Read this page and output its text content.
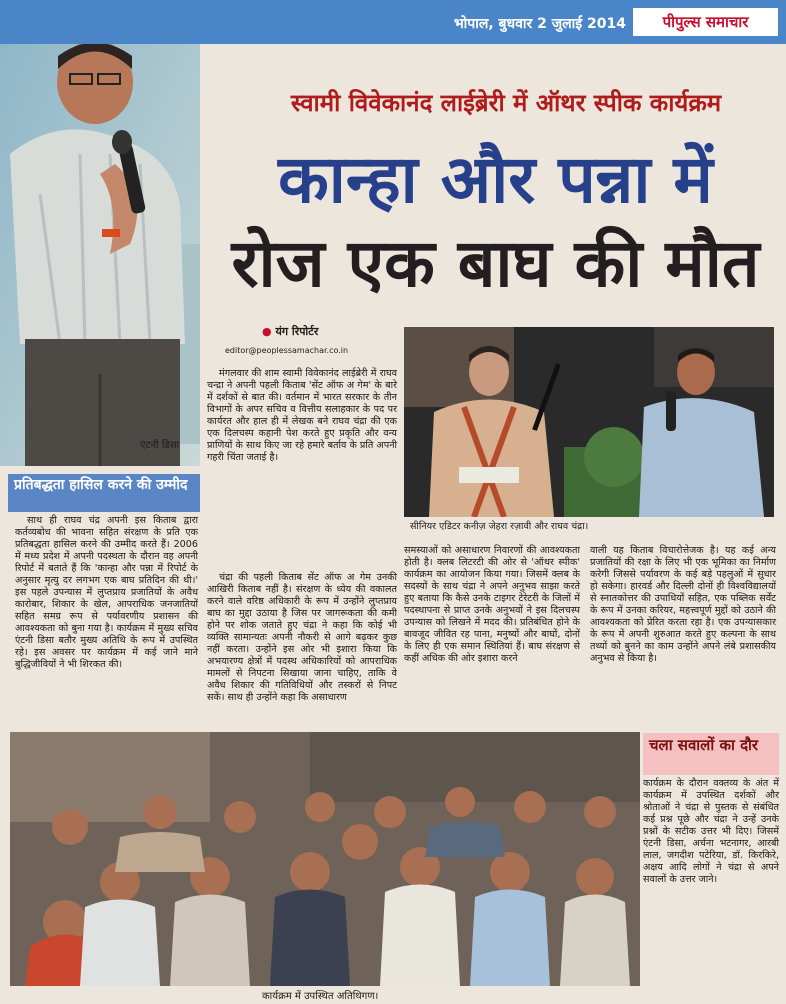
भोपाल, बुधवार 2 जुलाई 2014	पीपुल्स समाचार
एंटनी डिसा
स्वामी विवेकानंद लाईब्रेरी में ऑथर स्पीक कार्यक्रम
कान्हा और पन्ना में
रोज एक बाघ की मौत
● यंग रिपोर्टर
editor@peoplessamachar.co.in
सीनियर एडिटर कनीज़ जेहरा रज़ावी और राघव चंद्रा।

मंगलवार की शाम स्वामी विवेकानंद लाईब्रेरी में राघव चन्द्रा ने अपनी पहली किताब 'सेंट ऑफ अ गेम' के बारे में दर्शकों से बात की। वर्तमान में भारत सरकार के तीन विभागों के अपर सचिव व वित्तीय सलाहकार के पद पर कार्यरत और हाल ही में लेखक बने राघव चंद्रा की एक एक दिलचस्प कहानी पेश करते हुए प्रकृति और वन्य प्राणियों के साथ किए जा रहे हमारे बर्ताव के प्रति अपनी गहरी चिंता जताई है।

चंद्रा की पहली किताब सेंट ऑफ अ गेम उनकी आखिरी किताब नहीं है। संरक्षण के ध्येय की वकालत करने वाले वरिष्ठ अधिकारी के रूप में उन्होंने लुप्तप्राय बाघ का मुद्दा उठाया है जिस पर जागरूकता की कमी होने पर शोक जताते हुए चंद्रा ने कहा कि कोई भी व्यक्ति सामान्यतः अपनी नौकरी से आगे बढ़कर कुछ नहीं करता। उन्होंने इस ओर भी इशारा किया कि अभयारण्य क्षेत्रों में पदस्थ अधिकारियों को आपराधिक मामलों से निपटना सिखाया जाना चाहिए, ताकि वे अवैध शिकार की गतिविधियों और तस्करों से निपट सकें। साथ ही उन्होंने कहा कि असाधारण

समस्याओं को असाधारण निवारणों की आवश्यकता होती है। क्लब लिटरटी की ओर से 'ऑथर स्पीक' कार्यक्रम का आयोजन किया गया। जिसमें क्लब के सदस्यों के साथ चंद्रा ने अपने अनुभव साझा करते हुए बताया कि कैसे उनके टाइगर टेरेटरी के जिलों में पदस्थापना से प्राप्त उनके अनुभवों ने इस दिलचस्प उपन्यास को लिखने में मदद की। प्रतिबंधित होने के बावजूद जीवित रह पाना, मनुष्यों और बाघों, दोनों के लिए ही एक समान स्थितियां हैं। बाघ संरक्षण से कहीं अधिक की ओर इशारा करने

वाली यह किताब विचारोत्तेजक है। यह कई अन्य प्रजातियों की रक्षा के लिए भी एक भूमिका का निर्माण करेगी जिससे पर्यावरण के कई बड़े पहलुओं में सुधार हो सकेगा। हारवर्ड और दिल्ली दोनों ही विश्वविद्यालयों से स्नातकोत्तर की उपाधियों सहित, एक पब्लिक सर्वेंट के रूप में उनका करियर, महत्त्वपूर्ण मुद्दों को उठाने की आवश्यकता को प्रेरित करता रहा है। एक उपन्यासकार के रूप में अपनी शुरुआत करते हुए कल्पना के साथ तथ्यों को बुनने का काम उन्होंने अपने लंबे प्रशासकीय अनुभव से किया है।

प्रतिबद्धता हासिल करने की उम्मीद

साथ ही राघव चंद्र अपनी इस किताब द्वारा कर्तव्यबोध की भावना सहित संरक्षण के प्रति एक प्रतिबद्धता हासिल करने की उम्मीद करते हैं। 2006 में मध्य प्रदेश में अपनी पदस्थता के दौरान वह अपनी रिपोर्ट में बताते हैं कि 'कान्हा और पन्ना में रिपोर्ट के अनुसार मृत्यु दर लगभग एक बाघ प्रतिदिन की थी।' इस पहले उपन्यास में लुप्तप्राय प्रजातियों के अवैध कारोबार, शिकार के खेल, आपराधिक जनजातियों सहित समग्र रूप से पर्यावरणीय प्रशासन की आवश्यकता को बुना गया है। कार्यक्रम में मुख्य सचिव एंटनी डिसा बतौर मुख्य अतिथि के रूप में उपस्थित रहे। इस अवसर पर कार्यक्रम में कई जाने माने बुद्धिजीवियों ने भी शिरकत की।

कार्यक्रम में उपस्थित अतिथिगण।
चला सवालों का दौर

कार्यक्रम के दौरान वक्तव्य के अंत में कार्यक्रम में उपस्थित दर्शकों और श्रोताओं ने चंद्रा से पुस्तक से संबंधित कई प्रश्न पूछे और चंद्रा ने उन्हें उनके प्रश्नों के सटीक उत्तर भी दिए। जिसमें एंटनी डिसा, अर्चना भटनागर, आरबी लाल, जगदीश पटेरिया, डॉ. किरकिरे, अक्षय आदि लोगों ने चंद्रा से अपने सवालों के उत्तर जाने।
